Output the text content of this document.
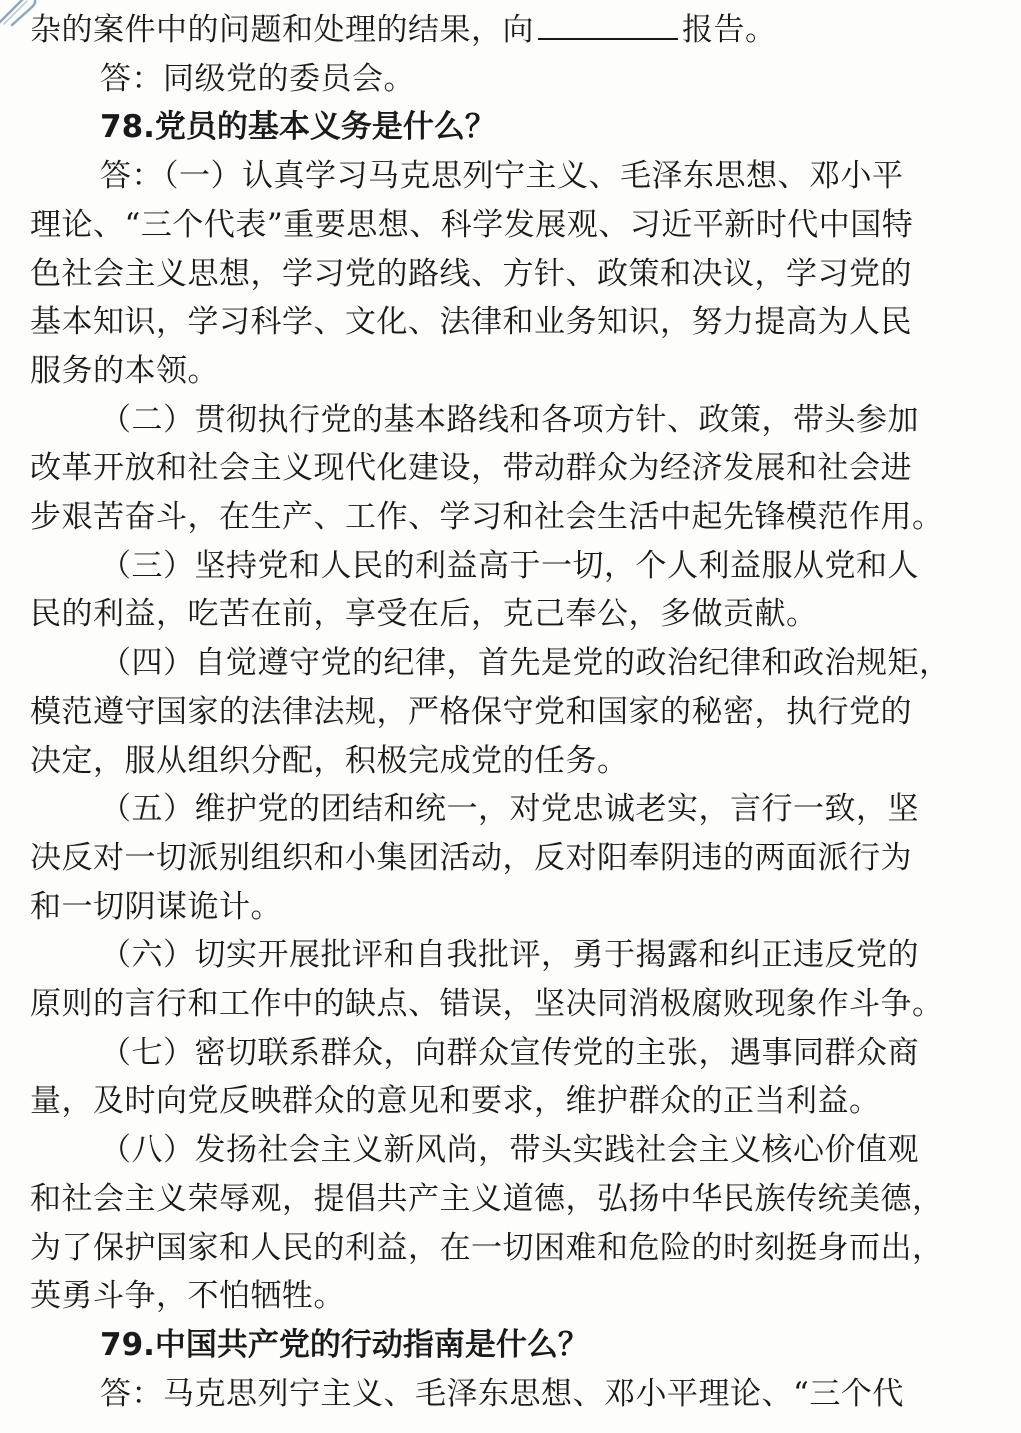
杂的案件中的问题和处理的结果，向	报告。
答：同级党的委员会。
78.党员的基本义务是什么？
答：（一）认真学习马克思列宁主义、毛泽东思想、邓小平
理论、“三个代表”重要思想、科学发展观、习近平新时代中国特
色社会主义思想，学习党的路线、方针、政策和决议，学习党的
基本知识，学习科学、文化、法律和业务知识，努力提高为人民
服务的本领。
（二）贯彻执行党的基本路线和各项方针、政策，带头参加
改革开放和社会主义现代化建设，带动群众为经济发展和社会进
步艰苦奋斗，在生产、工作、学习和社会生活中起先锋模范作用。
（三）坚持党和人民的利益高于一切，个人利益服从党和人
民的利益，吃苦在前，享受在后，克己奉公，多做贡献。
（四）自觉遵守党的纪律，首先是党的政治纪律和政治规矩，
模范遵守国家的法律法规，严格保守党和国家的秘密，执行党的
决定，服从组织分配，积极完成党的任务。
（五）维护党的团结和统一，对党忠诚老实，言行一致，坚
决反对一切派别组织和小集团活动，反对阳奉阴违的两面派行为
和一切阴谋诡计。
（六）切实开展批评和自我批评，勇于揭露和纠正违反党的
原则的言行和工作中的缺点、错误，坚决同消极腐败现象作斗争。
（七）密切联系群众，向群众宣传党的主张，遇事同群众商
量，及时向党反映群众的意见和要求，维护群众的正当利益。
（八）发扬社会主义新风尚，带头实践社会主义核心价值观
和社会主义荣辱观，提倡共产主义道德，弘扬中华民族传统美德，
为了保护国家和人民的利益，在一切困难和危险的时刻挺身而出，
英勇斗争，不怕牺牲。
79.中国共产党的行动指南是什么？
答：马克思列宁主义、毛泽东思想、邓小平理论、“三个代
